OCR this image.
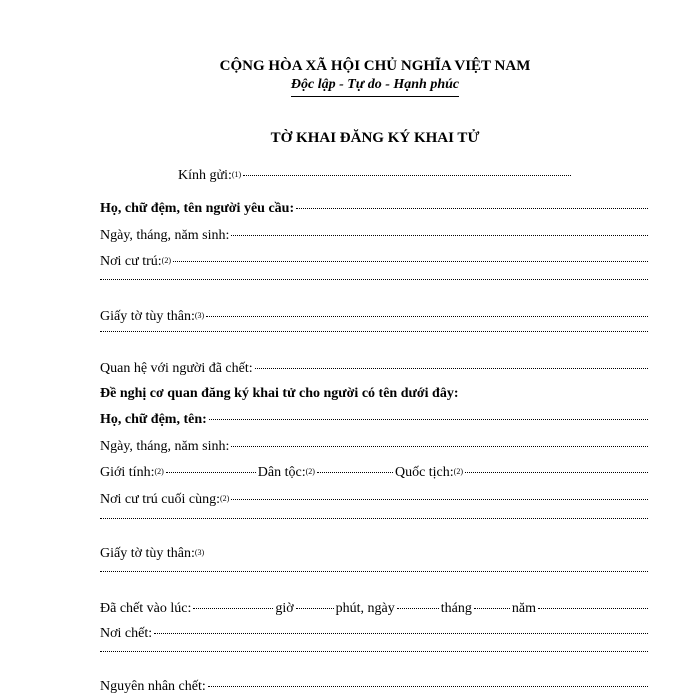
CỘNG HÒA XÃ HỘI CHỦ NGHĨA VIỆT NAM
Độc lập - Tự do - Hạnh phúc
TỜ KHAI ĐĂNG KÝ KHAI TỬ
Kính gửi:$^{(1)}$
Họ, chữ đệm, tên người yêu cầu:
Ngày, tháng, năm sinh:
Nơi cư trú:$^{(2)}$
Giấy tờ tùy thân:$^{(3)}$
Quan hệ với người đã chết:
Đề nghị cơ quan đăng ký khai tử cho người có tên dưới đây:
Họ, chữ đệm, tên:
Ngày, tháng, năm sinh:
Giới tính:$^{(2)}$	Dân tộc:$^{(2)}$	Quốc tịch:$^{(2)}$
Nơi cư trú cuối cùng:$^{(2)}$
Giấy tờ tùy thân:$^{(3)}$
Đã chết vào lúc:	giờ	phút, ngày	tháng	năm
Nơi chết:
Nguyên nhân chết:
